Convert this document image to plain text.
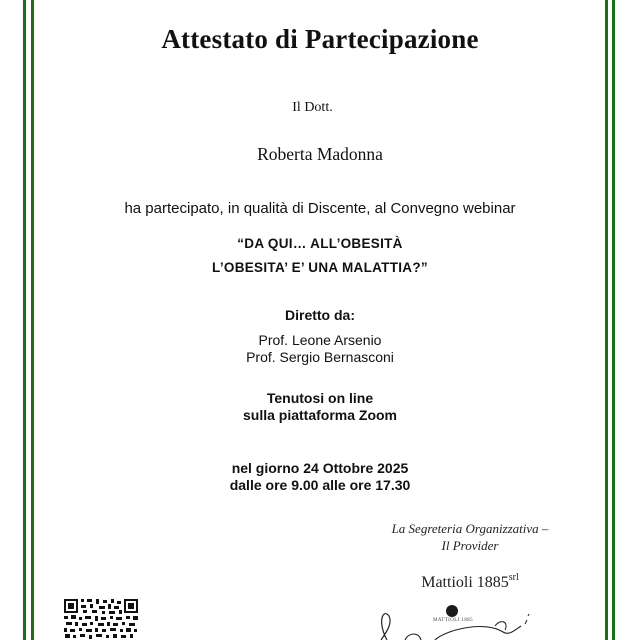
Attestato di Partecipazione
Il Dott.
Roberta Madonna
ha partecipato, in qualità di Discente, al Convegno webinar
“DA QUI… ALL’OBESITÀ
L’OBESITA’ E’ UNA MALATTIA?”
Diretto da:
Prof. Leone Arsenio
Prof. Sergio Bernasconi
Tenutosi on line
sulla piattaforma Zoom
nel giorno 24 Ottobre 2025
dalle ore 9.00 alle ore 17.30
La Segreteria Organizzativa –
Il Provider
Mattioli $1885^{srl}$
MATTIOLI 1885
